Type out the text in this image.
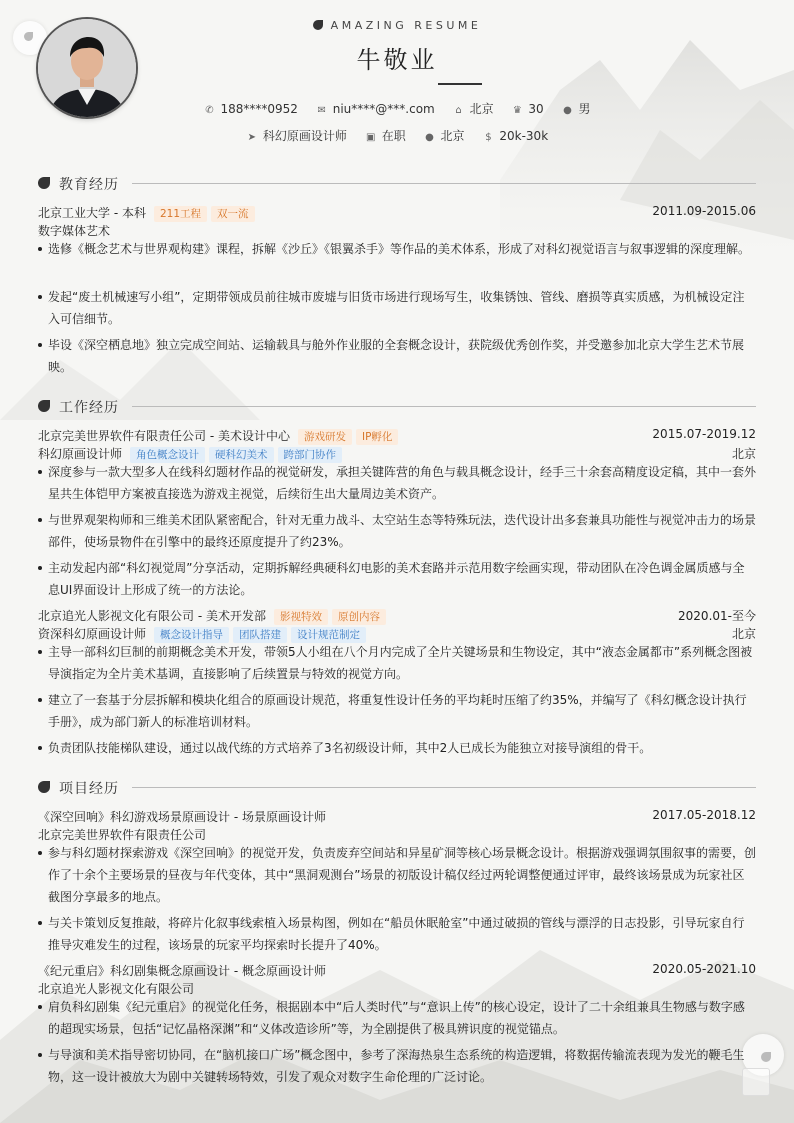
AMAZING RESUME
牛敬业
✆ 188****0952 ✉ niu****@***.com ⌂ 北京 ♛ 30 ● 男
➤ 科幻原画设计师 ▣ 在职 ● 北京 $ 20k-30k
教育经历
北京工业大学 - 本科 211工程 双一流	2011.09-2015.06
数字媒体艺术
选修《概念艺术与世界观构建》课程，拆解《沙丘》《银翼杀手》等作品的美术体系，形成了对科幻视觉语言与叙事逻辑的深度理解。
发起“废土机械速写小组”，定期带领成员前往城市废墟与旧货市场进行现场写生，收集锈蚀、管线、磨损等真实质感，为机械设定注入可信细节。
毕设《深空栖息地》独立完成空间站、运输载具与舱外作业服的全套概念设计，获院级优秀创作奖，并受邀参加北京大学生艺术节展映。
工作经历
北京完美世界软件有限责任公司 - 美术设计中心 游戏研发 IP孵化	2015.07-2019.12
科幻原画设计师 角色概念设计 硬科幻美术 跨部门协作	北京
深度参与一款大型多人在线科幻题材作品的视觉研发，承担关键阵营的角色与载具概念设计，经手三十余套高精度设定稿，其中一套外星共生体铠甲方案被直接选为游戏主视觉，后续衍生出大量周边美术资产。
与世界观架构师和三维美术团队紧密配合，针对无重力战斗、太空站生态等特殊玩法，迭代设计出多套兼具功能性与视觉冲击力的场景部件，使场景物件在引擎中的最终还原度提升了约23%。
主动发起内部“科幻视觉周”分享活动，定期拆解经典硬科幻电影的美术套路并示范用数字绘画实现，带动团队在冷色调金属质感与全息UI界面设计上形成了统一的方法论。
北京追光人影视文化有限公司 - 美术开发部 影视特效 原创内容	2020.01-至今
资深科幻原画设计师 概念设计指导 团队搭建 设计规范制定	北京
主导一部科幻巨制的前期概念美术开发，带领5人小组在八个月内完成了全片关键场景和生物设定，其中“液态金属都市”系列概念图被导演指定为全片美术基调，直接影响了后续置景与特效的视觉方向。
建立了一套基于分层拆解和模块化组合的原画设计规范，将重复性设计任务的平均耗时压缩了约35%，并编写了《科幻概念设计执行手册》，成为部门新人的标准培训材料。
负责团队技能梯队建设，通过以战代练的方式培养了3名初级设计师，其中2人已成长为能独立对接导演组的骨干。
项目经历
《深空回响》科幻游戏场景原画设计 - 场景原画设计师	2017.05-2018.12
北京完美世界软件有限责任公司
参与科幻题材探索游戏《深空回响》的视觉开发，负责废弃空间站和异星矿洞等核心场景概念设计。根据游戏强调氛围叙事的需要，创作了十余个主要场景的昼夜与年代变体，其中“黑洞观测台”场景的初版设计稿仅经过两轮调整便通过评审，最终该场景成为玩家社区截图分享最多的地点。
与关卡策划反复推敲，将碎片化叙事线索植入场景构图，例如在“船员休眠舱室”中通过破损的管线与漂浮的日志投影，引导玩家自行推导灾难发生的过程，该场景的玩家平均探索时长提升了40%。
《纪元重启》科幻剧集概念原画设计 - 概念原画设计师	2020.05-2021.10
北京追光人影视文化有限公司
肩负科幻剧集《纪元重启》的视觉化任务，根据剧本中“后人类时代”与“意识上传”的核心设定，设计了二十余组兼具生物感与数字感的超现实场景，包括“记忆晶格深渊”和“义体改造诊所”等，为全剧提供了极具辨识度的视觉锚点。
与导演和美术指导密切协同，在“脑机接口广场”概念图中，参考了深海热泉生态系统的构造逻辑，将数据传输流表现为发光的鞭毛生物，这一设计被放大为剧中关键转场特效，引发了观众对数字生命伦理的广泛讨论。
